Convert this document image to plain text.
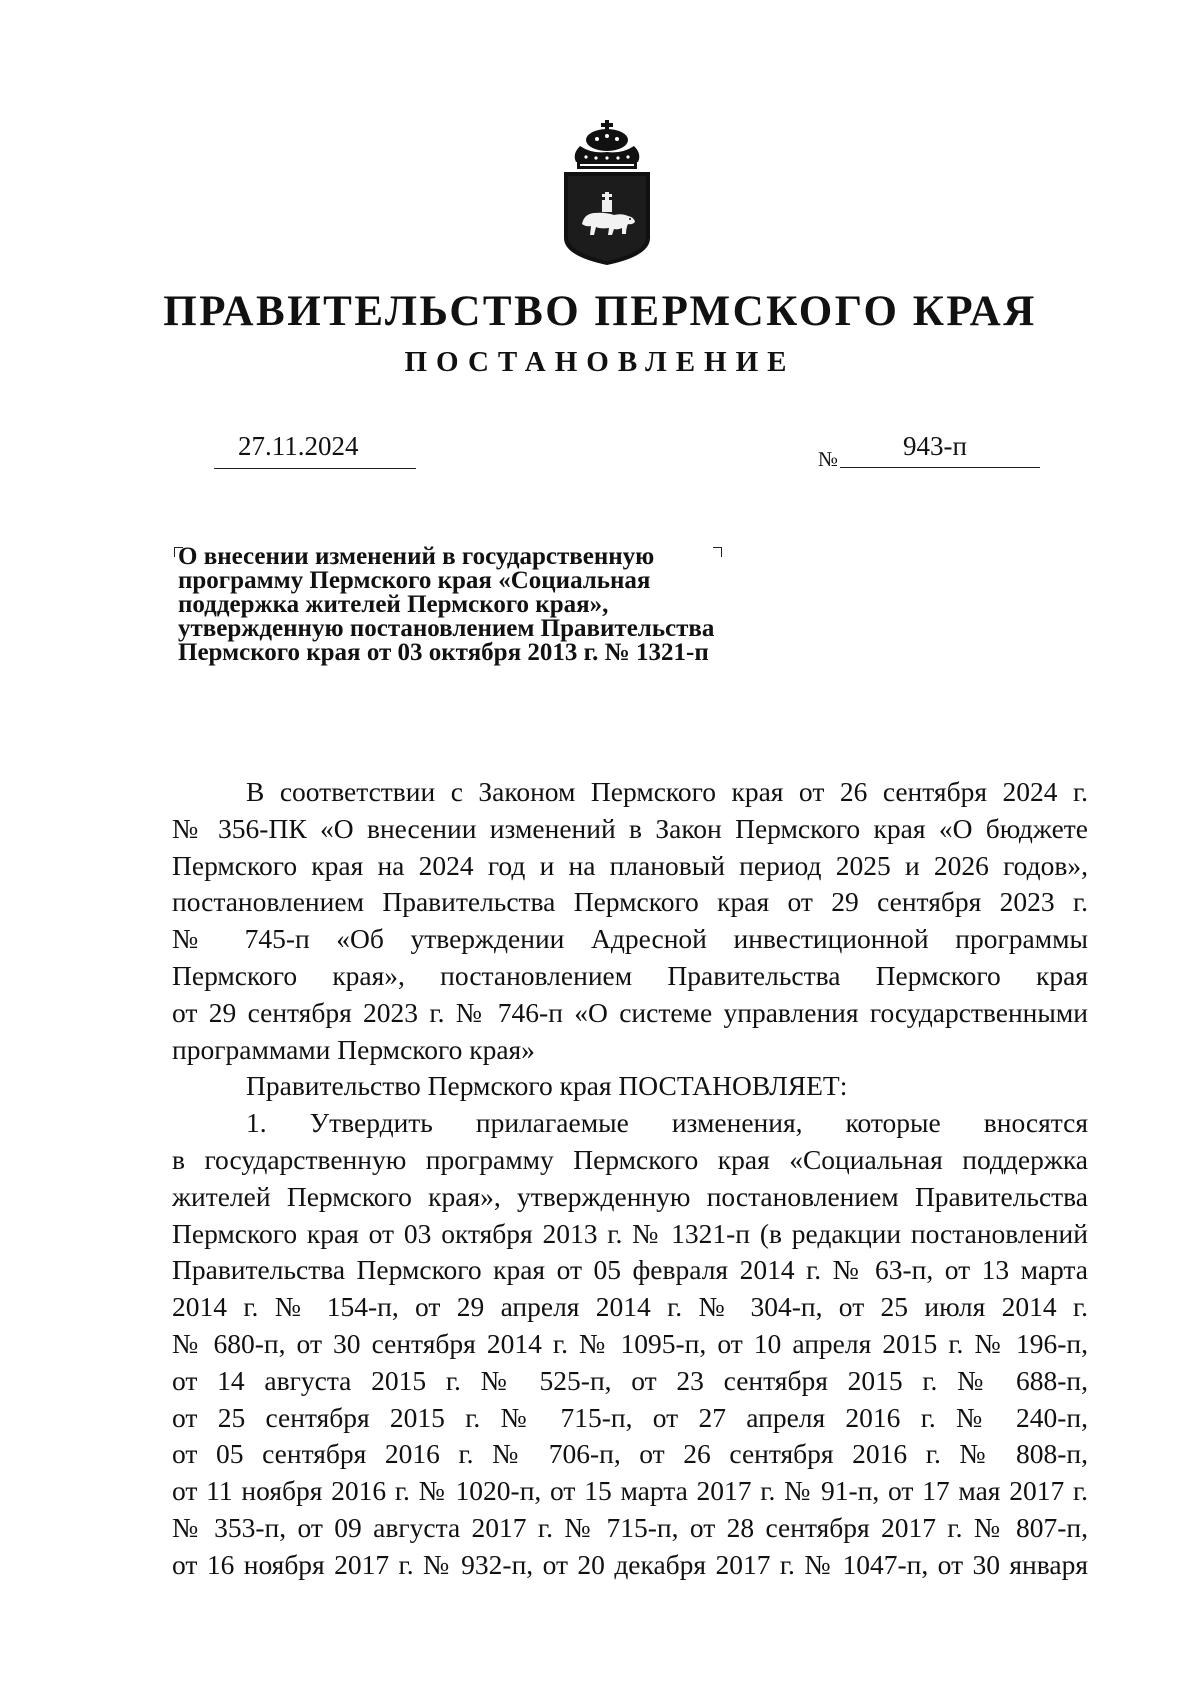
ПРАВИТЕЛЬСТВО ПЕРМСКОГО КРАЯ
ПОСТАНОВЛЕНИЕ
27.11.2024	№ 943-п
О внесении изменений в государственную
программу Пермского края «Социальная
поддержка жителей Пермского края»,
утвержденную постановлением Правительства
Пермского края от 03 октября 2013 г. № 1321-п
В соответствии с Законом Пермского края от 26 сентября 2024 г.
№ 356-ПК «О внесении изменений в Закон Пермского края «О бюджете
Пермского края на 2024 год и на плановый период 2025 и 2026 годов»,
постановлением Правительства Пермского края от 29 сентября 2023 г.
№ 745-п «Об утверждении Адресной инвестиционной программы
Пермского края», постановлением Правительства Пермского края
от 29 сентября 2023 г. № 746-п «О системе управления государственными
программами Пермского края»
Правительство Пермского края ПОСТАНОВЛЯЕТ:
1. Утвердить прилагаемые изменения, которые вносятся
в государственную программу Пермского края «Социальная поддержка
жителей Пермского края», утвержденную постановлением Правительства
Пермского края от 03 октября 2013 г. № 1321-п (в редакции постановлений
Правительства Пермского края от 05 февраля 2014 г. № 63-п, от 13 марта
2014 г. № 154-п, от 29 апреля 2014 г. № 304-п, от 25 июля 2014 г.
№ 680-п, от 30 сентября 2014 г. № 1095-п, от 10 апреля 2015 г. № 196-п,
от 14 августа 2015 г. № 525-п, от 23 сентября 2015 г. № 688-п,
от 25 сентября 2015 г. № 715-п, от 27 апреля 2016 г. № 240-п,
от 05 сентября 2016 г. № 706-п, от 26 сентября 2016 г. № 808-п,
от 11 ноября 2016 г. № 1020-п, от 15 марта 2017 г. № 91-п, от 17 мая 2017 г.
№ 353-п, от 09 августа 2017 г. № 715-п, от 28 сентября 2017 г. № 807-п,
от 16 ноября 2017 г. № 932-п, от 20 декабря 2017 г. № 1047-п, от 30 января
